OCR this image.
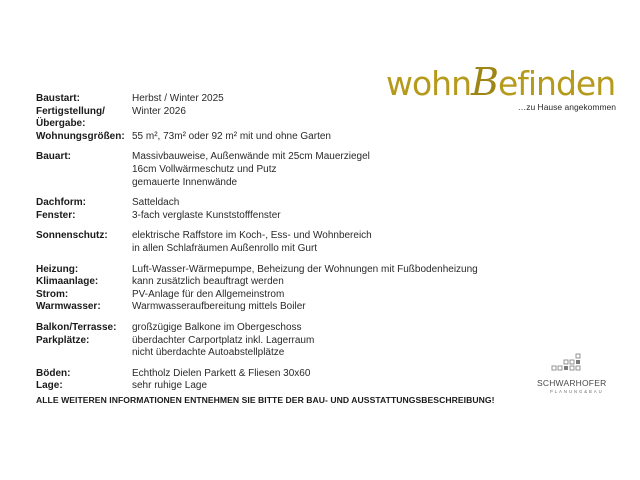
wohnBefinden
…zu Hause angekommen
Baustart:	Herbst / Winter 2025
Fertigstellung/Übergabe:
Winter 2026
Wohnungsgrößen: 55 m², 73m² oder 92 m² mit und ohne Garten
Bauart:	Massivbauweise, Außenwände mit 25cm Mauerziegel
16cm Vollwärmeschutz und Putz
gemauerte Innenwände
Dachform:	Satteldach
Fenster:	3-fach verglaste Kunststofffenster
Sonnenschutz:	elektrische Raffstore im Koch-, Ess- und Wohnbereich
in allen Schlafräumen Außenrollo mit Gurt
Heizung:	Luft-Wasser-Wärmepumpe, Beheizung der Wohnungen mit Fußbodenheizung
Klimaanlage:	kann zusätzlich beauftragt werden
Strom:	PV-Anlage für den Allgemeinstrom
Warmwasser:	Warmwasseraufbereitung mittels Boiler
Balkon/Terrasse:	großzügige Balkone im Obergeschoss
Parkplätze:	überdachter Carportplatz inkl. Lagerraum
nicht überdachte Autoabstellplätze
Böden:	Echtholz Dielen Parkett & Fliesen 30x60
Lage:	sehr ruhige Lage
ALLE WEITEREN INFORMATIONEN ENTNEHMEN SIE BITTE DER BAU- UND AUSSTATTUNGSBESCHREIBUNG!
SCHWARHOFER
PLANUNG&BAU
